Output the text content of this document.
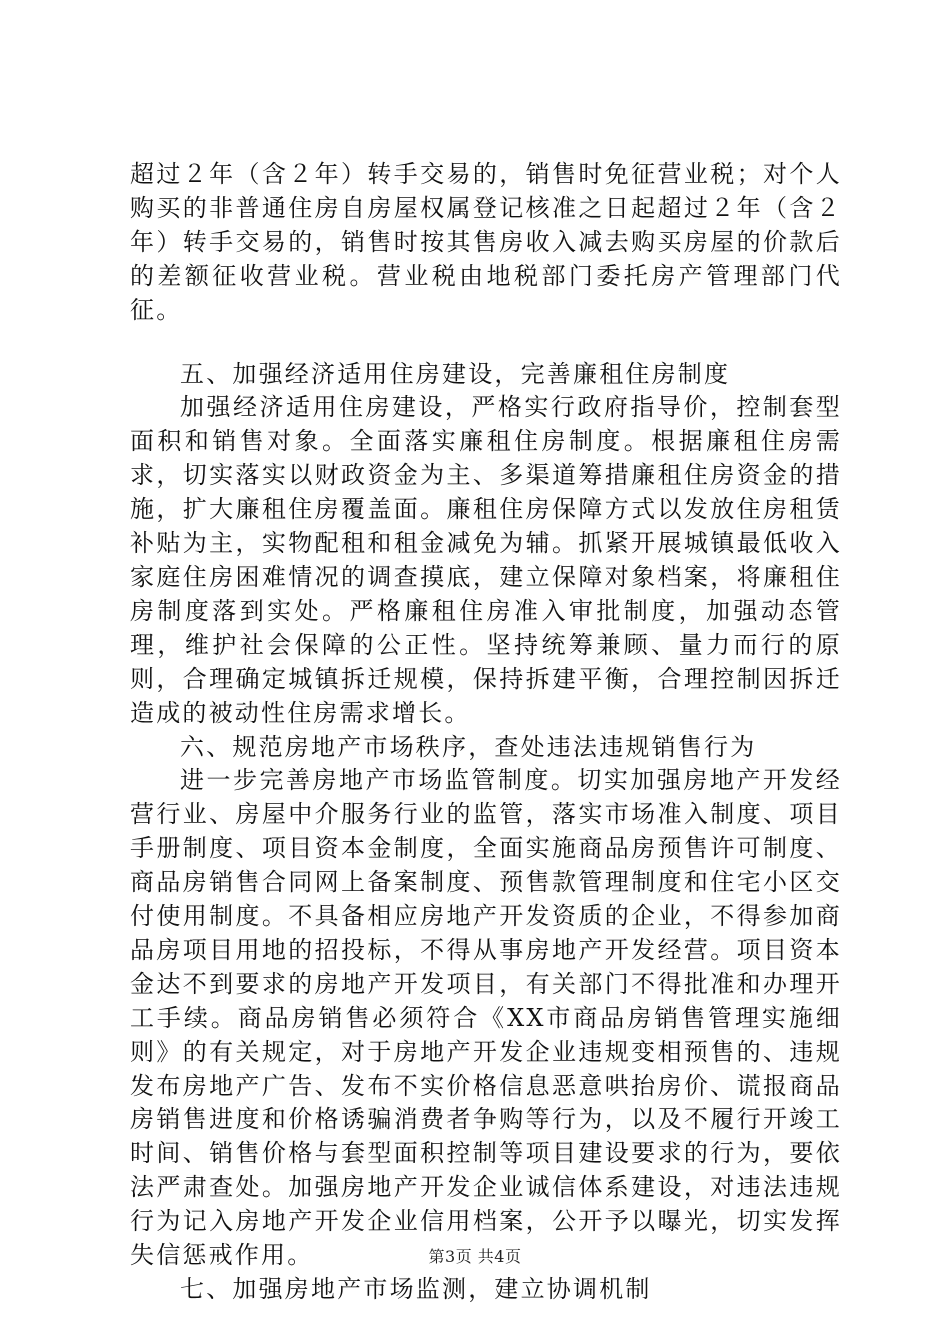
超过２年（含２年）转手交易的，销售时免征营业税；对个人购买的非普通住房自房屋权属登记核准之日起超过２年（含２年）转手交易的，销售时按其售房收入减去购买房屋的价款后的差额征收营业税。营业税由地税部门委托房产管理部门代征。

五、加强经济适用住房建设，完善廉租住房制度

加强经济适用住房建设，严格实行政府指导价，控制套型面积和销售对象。全面落实廉租住房制度。根据廉租住房需求，切实落实以财政资金为主、多渠道筹措廉租住房资金的措施，扩大廉租住房覆盖面。廉租住房保障方式以发放住房租赁补贴为主，实物配租和租金减免为辅。抓紧开展城镇最低收入家庭住房困难情况的调查摸底，建立保障对象档案，将廉租住房制度落到实处。严格廉租住房准入审批制度，加强动态管理，维护社会保障的公正性。坚持统筹兼顾、量力而行的原则，合理确定城镇拆迁规模，保持拆建平衡，合理控制因拆迁造成的被动性住房需求增长。

六、规范房地产市场秩序，查处违法违规销售行为

进一步完善房地产市场监管制度。切实加强房地产开发经营行业、房屋中介服务行业的监管，落实市场准入制度、项目手册制度、项目资本金制度，全面实施商品房预售许可制度、商品房销售合同网上备案制度、预售款管理制度和住宅小区交付使用制度。不具备相应房地产开发资质的企业，不得参加商品房项目用地的招投标，不得从事房地产开发经营。项目资本金达不到要求的房地产开发项目，有关部门不得批准和办理开工手续。商品房销售必须符合《XX市商品房销售管理实施细则》的有关规定，对于房地产开发企业违规变相预售的、违规发布房地产广告、发布不实价格信息恶意哄抬房价、谎报商品房销售进度和价格诱骗消费者争购等行为，以及不履行开竣工时间、销售价格与套型面积控制等项目建设要求的行为，要依法严肃查处。加强房地产开发企业诚信体系建设，对违法违规行为记入房地产开发企业信用档案，公开予以曝光，切实发挥失信惩戒作用。

七、加强房地产市场监测，建立协调机制

第3页 共4页
